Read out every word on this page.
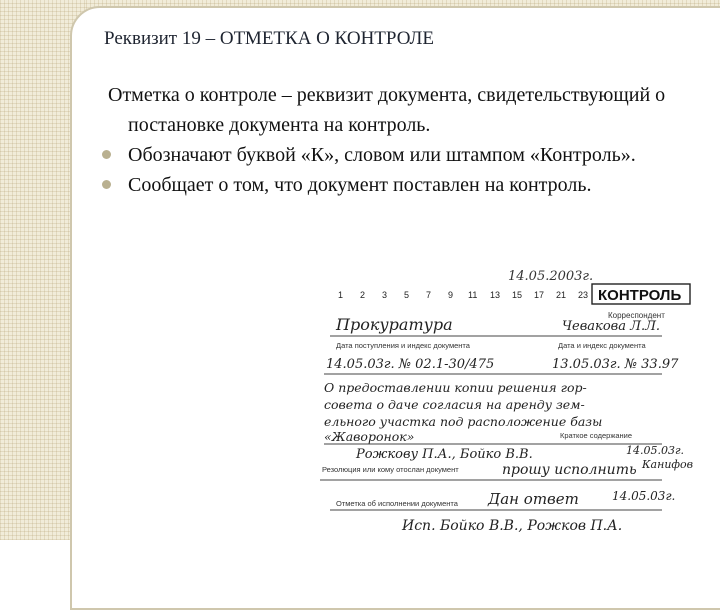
Реквизит 19 – ОТМЕТКА О КОНТРОЛЕ

Отметка о контроле – реквизит документа, свидетельствующий о постановке документа на контроль.

Обозначают буквой «К», словом или штампом «Контроль».

Сообщает о том, что документ поставлен на контроль.

14.05.2003г.
1 2 3 5 7 9 11 13 15 17 21 23 КОНТРОЛЬ
Корреспондент
Прокуратура	Чевакова Л.Л.
Дата поступления и индекс документа	Дата и индекс документа
14.05.03г. № 02.1-30/475	13.05.03г. № 33.97
О предоставлении копии решения гор-
совета о даче согласия на аренду зем-
ельного участка под расположение базы
«Жаворонок»	Краткое содержание
Рожкову П.А., Бойко В.В.	14.05.03г.
Канифов
Резолюция или кому отослан документ	прошу исполнить
Отметка об исполнении документа Дан ответ	14.05.03г.
Исп. Бойко В.В., Рожков П.А.
